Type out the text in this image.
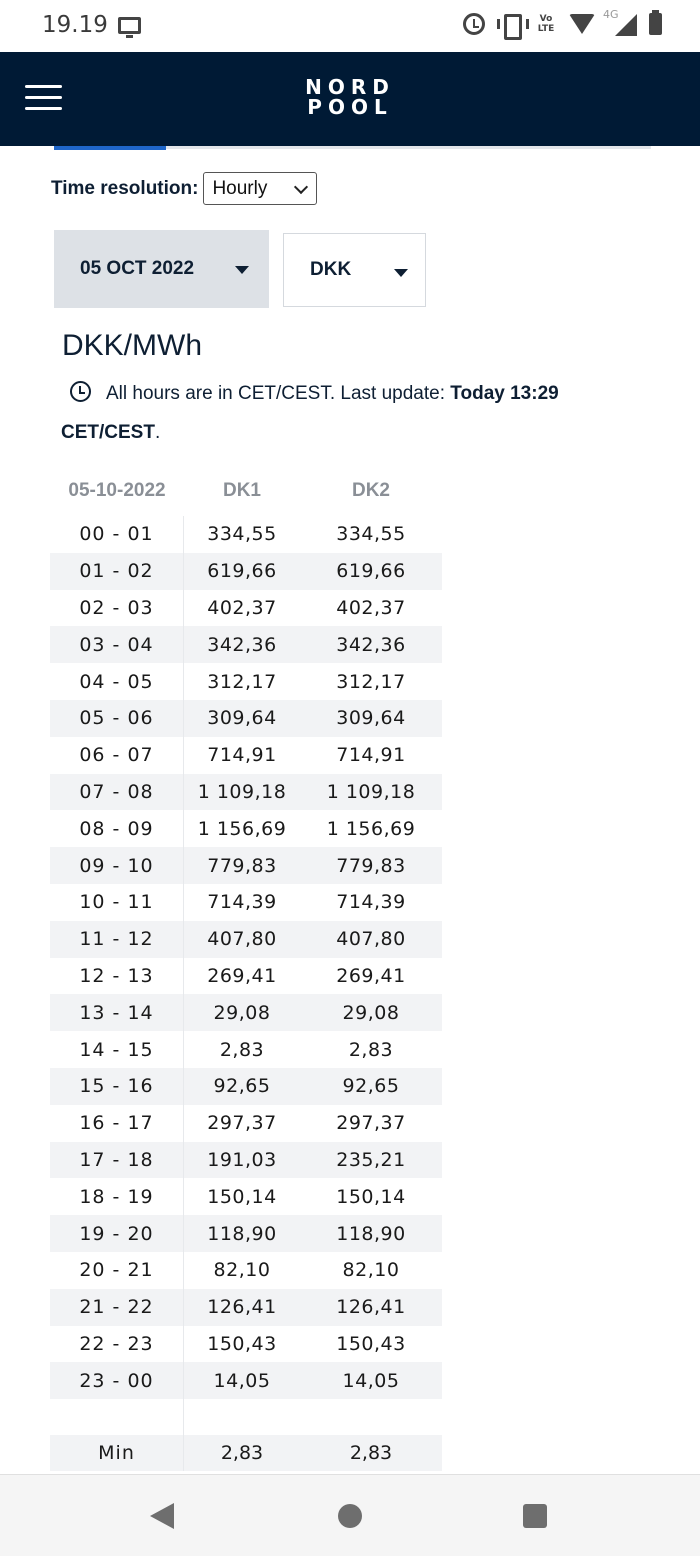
19.19	Vo LTE
4G
NORD
POOL
Time resolution: Hourly
05 OCT 2022	DKK
DKK/MWh
All hours are in CET/CEST. Last update: Today 13:29
CET/CEST.
05-10-2022	DK1	DK2
00 - 01	334,55	334,55
01 - 02	619,66	619,66
02 - 03	402,37	402,37
03 - 04	342,36	342,36
04 - 05	312,17	312,17
05 - 06	309,64	309,64
06 - 07	714,91	714,91
07 - 08	1 109,18	1 109,18
08 - 09	1 156,69	1 156,69
09 - 10	779,83	779,83
10 - 11	714,39	714,39
11 - 12	407,80	407,80
12 - 13	269,41	269,41
13 - 14	29,08	29,08
14 - 15	2,83	2,83
15 - 16	92,65	92,65
16 - 17	297,37	297,37
17 - 18	191,03	235,21
18 - 19	150,14	150,14
19 - 20	118,90	118,90
20 - 21	82,10	82,10
21 - 22	126,41	126,41
22 - 23	150,43	150,43
23 - 00	14,05	14,05
Min	2,83	2,83
